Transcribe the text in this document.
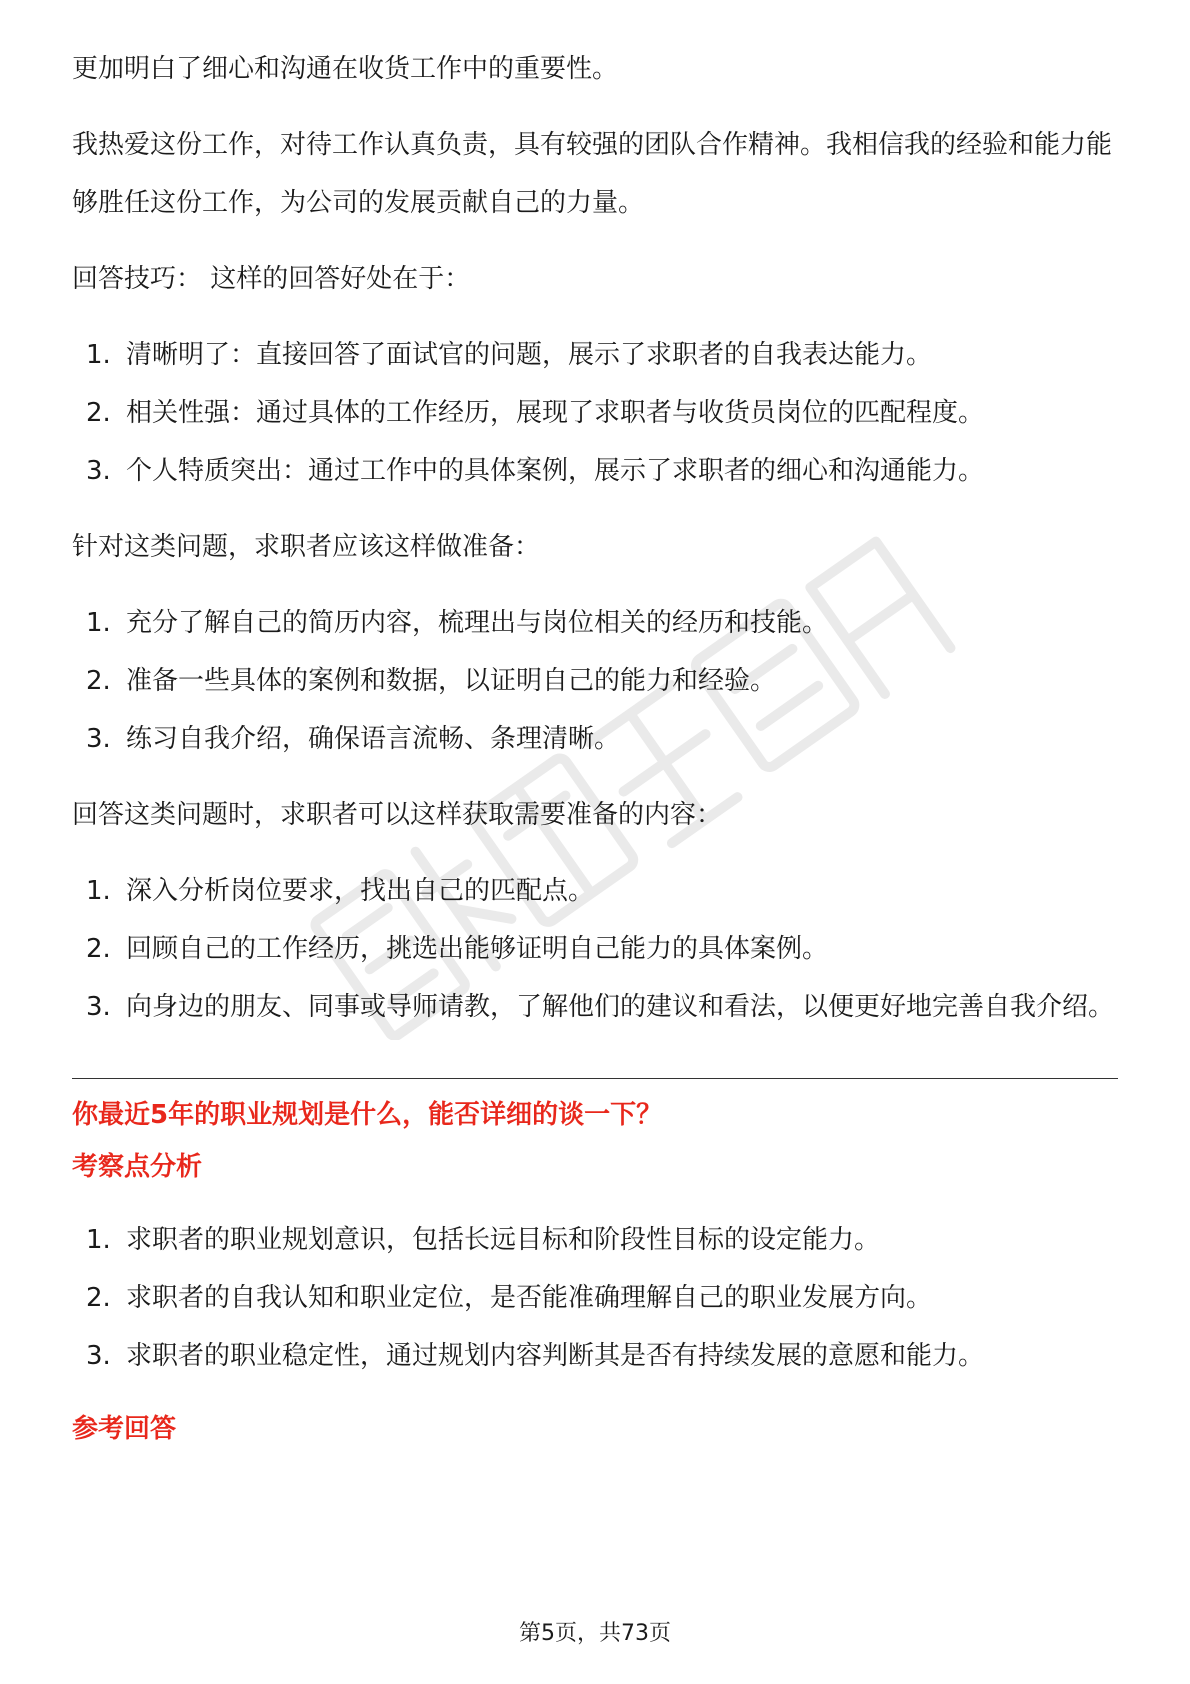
更加明白了细心和沟通在收货工作中的重要性。

我热爱这份工作，对待工作认真负责，具有较强的团队合作精神。我相信我的经验和能力能够胜任这份工作，为公司的发展贡献自己的力量。

回答技巧： 这样的回答好处在于：

1. 清晰明了：直接回答了面试官的问题，展示了求职者的自我表达能力。
2. 相关性强：通过具体的工作经历，展现了求职者与收货员岗位的匹配程度。
3. 个人特质突出：通过工作中的具体案例，展示了求职者的细心和沟通能力。

针对这类问题，求职者应该这样做准备：

1. 充分了解自己的简历内容，梳理出与岗位相关的经历和技能。
2. 准备一些具体的案例和数据，以证明自己的能力和经验。
3. 练习自我介绍，确保语言流畅、条理清晰。

回答这类问题时，求职者可以这样获取需要准备的内容：

1. 深入分析岗位要求，找出自己的匹配点。
2. 回顾自己的工作经历，挑选出能够证明自己能力的具体案例。
3. 向身边的朋友、同事或导师请教，了解他们的建议和看法，以便更好地完善自我介绍。

你最近5年的职业规划是什么，能否详细的谈一下？

考察点分析

1. 求职者的职业规划意识，包括长远目标和阶段性目标的设定能力。
2. 求职者的自我认知和职业定位，是否能准确理解自己的职业发展方向。
3. 求职者的职业稳定性，通过规划内容判断其是否有持续发展的意愿和能力。

参考回答

第5页，共73页
